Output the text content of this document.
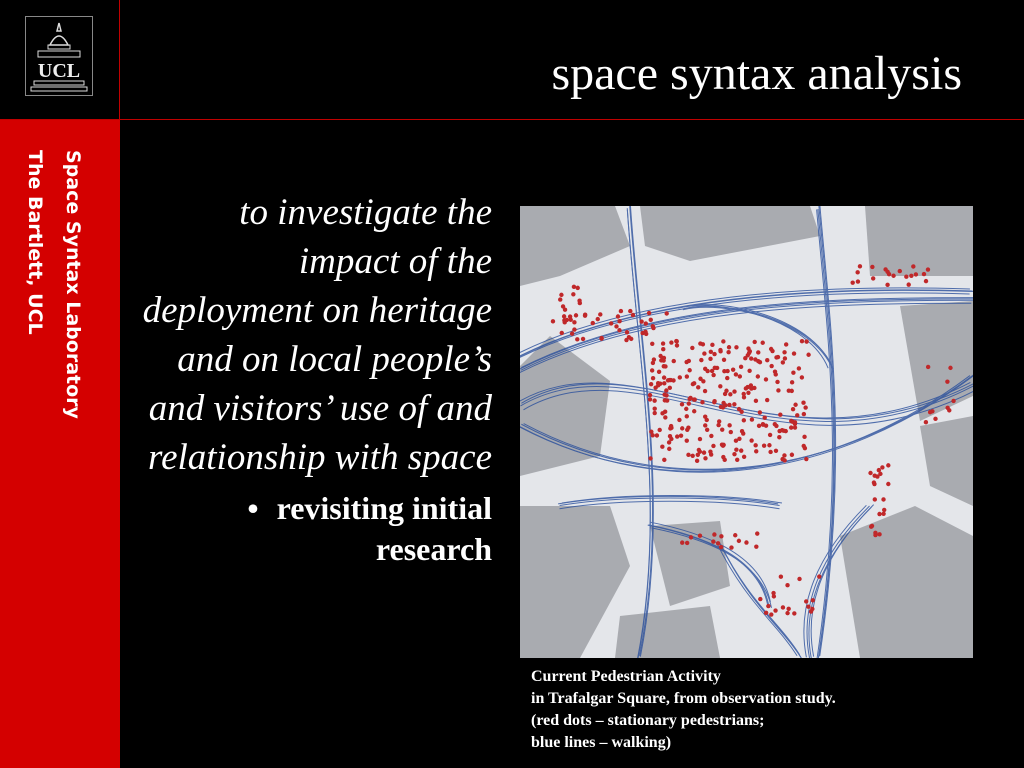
UCL	space syntax analysis
Space Syntax Laboratory
The Bartlett, UCL	to investigate the impact of the deployment on heritage and on local people’s and visitors’ use of and relationship with space
• revisiting initial research
Current Pedestrian Activity
in Trafalgar Square, from observation study.
(red dots – stationary pedestrians;
blue lines – walking)
